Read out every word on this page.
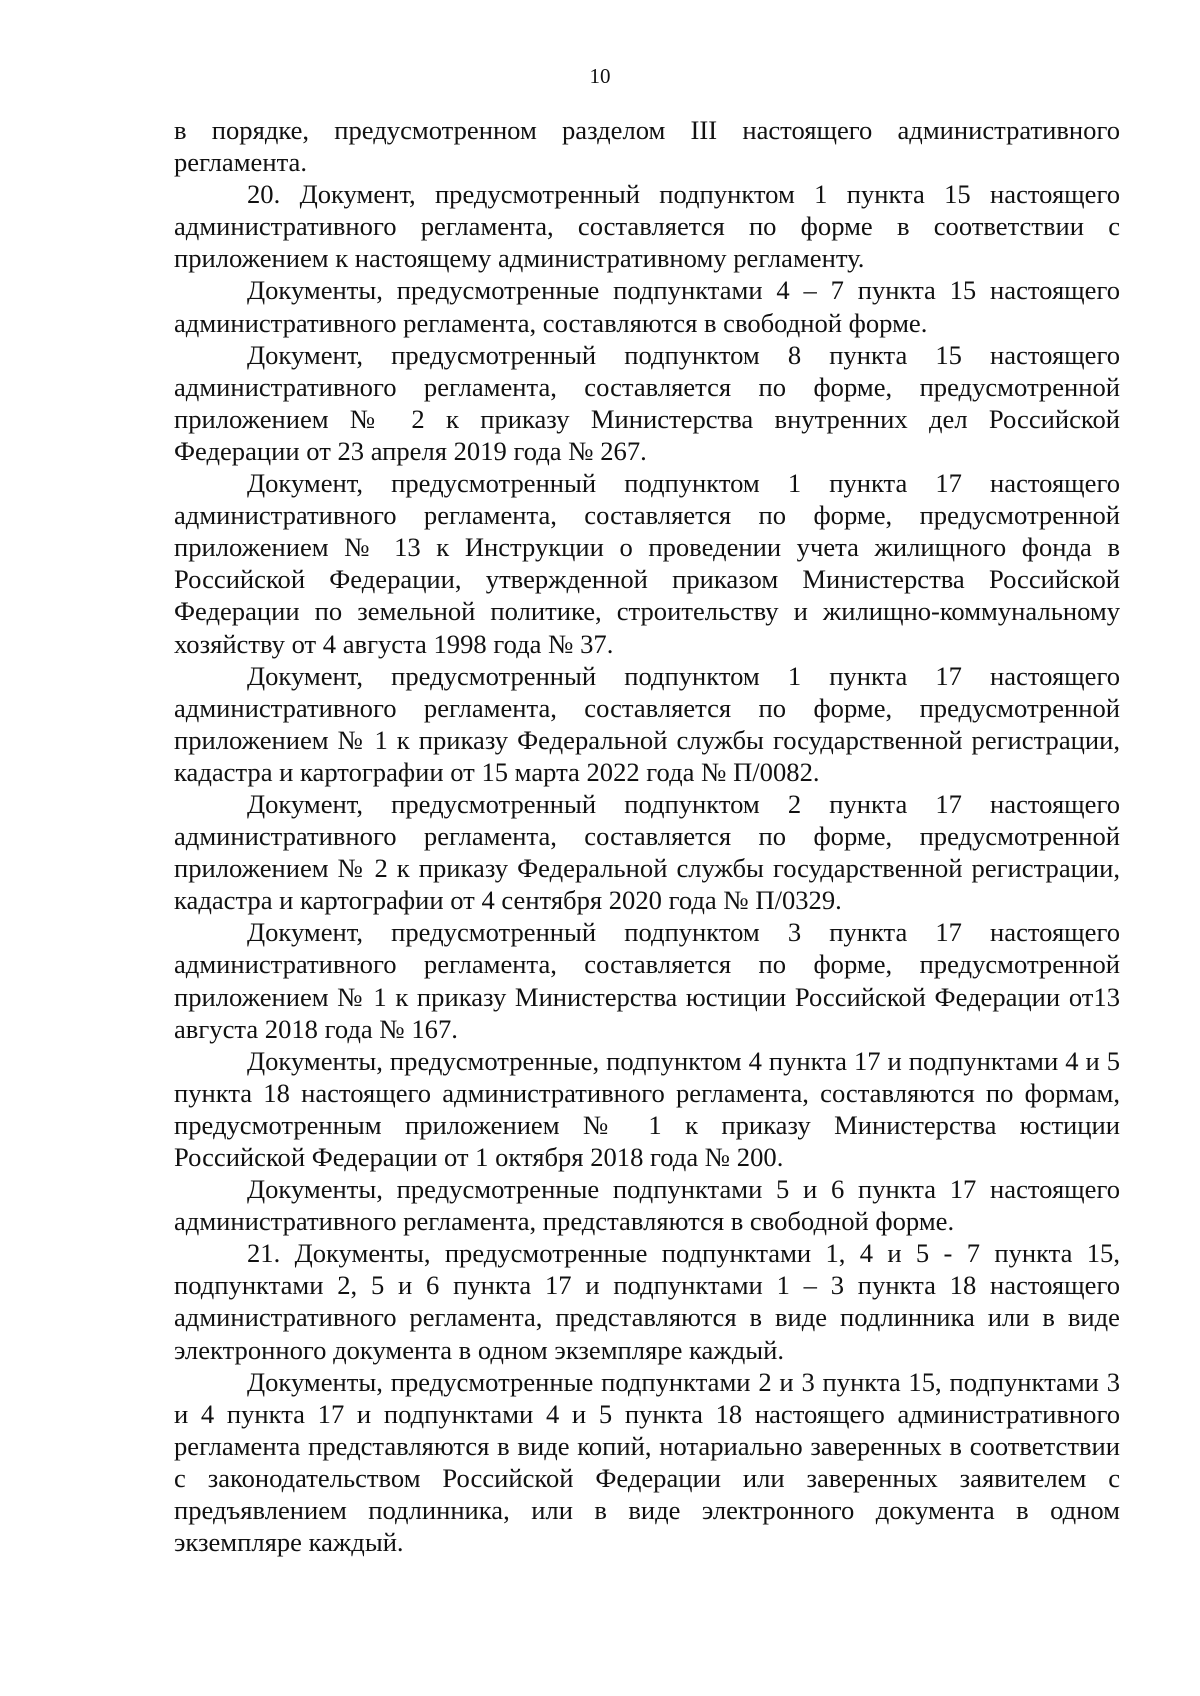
10

в порядке, предусмотренном разделом III настоящего административного регламента.

20. Документ, предусмотренный подпунктом 1 пункта 15 настоящего административного регламента, составляется по форме в соответствии с приложением к настоящему административному регламенту.

Документы, предусмотренные подпунктами 4 – 7 пункта 15 настоящего административного регламента, составляются в свободной форме.

Документ, предусмотренный подпунктом 8 пункта 15 настоящего административного регламента, составляется по форме, предусмотренной приложением № 2 к приказу Министерства внутренних дел Российской Федерации от 23 апреля 2019 года № 267.

Документ, предусмотренный подпунктом 1 пункта 17 настоящего административного регламента, составляется по форме, предусмотренной приложением № 13 к Инструкции о проведении учета жилищного фонда в Российской Федерации, утвержденной приказом Министерства Российской Федерации по земельной политике, строительству и жилищно-коммунальному хозяйству от 4 августа 1998 года № 37.

Документ, предусмотренный подпунктом 1 пункта 17 настоящего административного регламента, составляется по форме, предусмотренной приложением № 1 к приказу Федеральной службы государственной регистрации, кадастра и картографии от 15 марта 2022 года № П/0082.

Документ, предусмотренный подпунктом 2 пункта 17 настоящего административного регламента, составляется по форме, предусмотренной приложением № 2 к приказу Федеральной службы государственной регистрации, кадастра и картографии от 4 сентября 2020 года № П/0329.

Документ, предусмотренный подпунктом 3 пункта 17 настоящего административного регламента, составляется по форме, предусмотренной приложением № 1 к приказу Министерства юстиции Российской Федерации от13 августа 2018 года № 167.

Документы, предусмотренные, подпунктом 4 пункта 17 и подпунктами 4 и 5 пункта 18 настоящего административного регламента, составляются по формам, предусмотренным приложением № 1 к приказу Министерства юстиции Российской Федерации от 1 октября 2018 года № 200.

Документы, предусмотренные подпунктами 5 и 6 пункта 17 настоящего административного регламента, представляются в свободной форме.

21. Документы, предусмотренные подпунктами 1, 4 и 5 - 7 пункта 15, подпунктами 2, 5 и 6 пункта 17 и подпунктами 1 – 3 пункта 18 настоящего административного регламента, представляются в виде подлинника или в виде электронного документа в одном экземпляре каждый.

Документы, предусмотренные подпунктами 2 и 3 пункта 15, подпунктами 3 и 4 пункта 17 и подпунктами 4 и 5 пункта 18 настоящего административного регламента представляются в виде копий, нотариально заверенных в соответствии с законодательством Российской Федерации или заверенных заявителем с предъявлением подлинника, или в виде электронного документа в одном экземпляре каждый.
